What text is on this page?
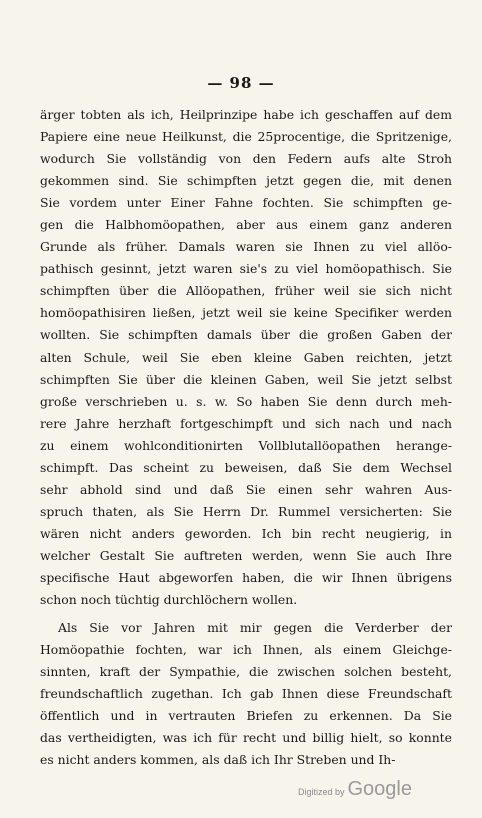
— 98 —
ärger tobten als ich, Heilprinzipe habe ich geschaffen auf dem
Papiere eine neue Heilkunst, die 25procentige, die Spritzenige,
wodurch Sie vollständig von den Federn aufs alte Stroh
gekommen sind. Sie schimpften jetzt gegen die, mit denen
Sie vordem unter Einer Fahne fochten. Sie schimpften ge-
gen die Halbhomöopathen, aber aus einem ganz anderen
Grunde als früher. Damals waren sie Ihnen zu viel allöo-
pathisch gesinnt, jetzt waren sie's zu viel homöopathisch. Sie
schimpften über die Allöopathen, früher weil sie sich nicht
homöopathisiren ließen, jetzt weil sie keine Specifiker werden
wollten. Sie schimpften damals über die großen Gaben der
alten Schule, weil Sie eben kleine Gaben reichten, jetzt
schimpften Sie über die kleinen Gaben, weil Sie jetzt selbst
große verschrieben u. s. w. So haben Sie denn durch meh-
rere Jahre herzhaft fortgeschimpft und sich nach und nach
zu einem wohlconditionirten Vollblutallöopathen herange-
schimpft. Das scheint zu beweisen, daß Sie dem Wechsel
sehr abhold sind und daß Sie einen sehr wahren Aus-
spruch thaten, als Sie Herrn Dr. Rummel versicherten: Sie
wären nicht anders geworden. Ich bin recht neugierig, in
welcher Gestalt Sie auftreten werden, wenn Sie auch Ihre
specifische Haut abgeworfen haben, die wir Ihnen übrigens
schon noch tüchtig durchlöchern wollen.
Als Sie vor Jahren mit mir gegen die Verderber der
Homöopathie fochten, war ich Ihnen, als einem Gleichge-
sinnten, kraft der Sympathie, die zwischen solchen besteht,
freundschaftlich zugethan. Ich gab Ihnen diese Freundschaft
öffentlich und in vertrauten Briefen zu erkennen. Da Sie
das vertheidigten, was ich für recht und billig hielt, so konnte
es nicht anders kommen, als daß ich Ihr Streben und Ih-
Digitized by Google
